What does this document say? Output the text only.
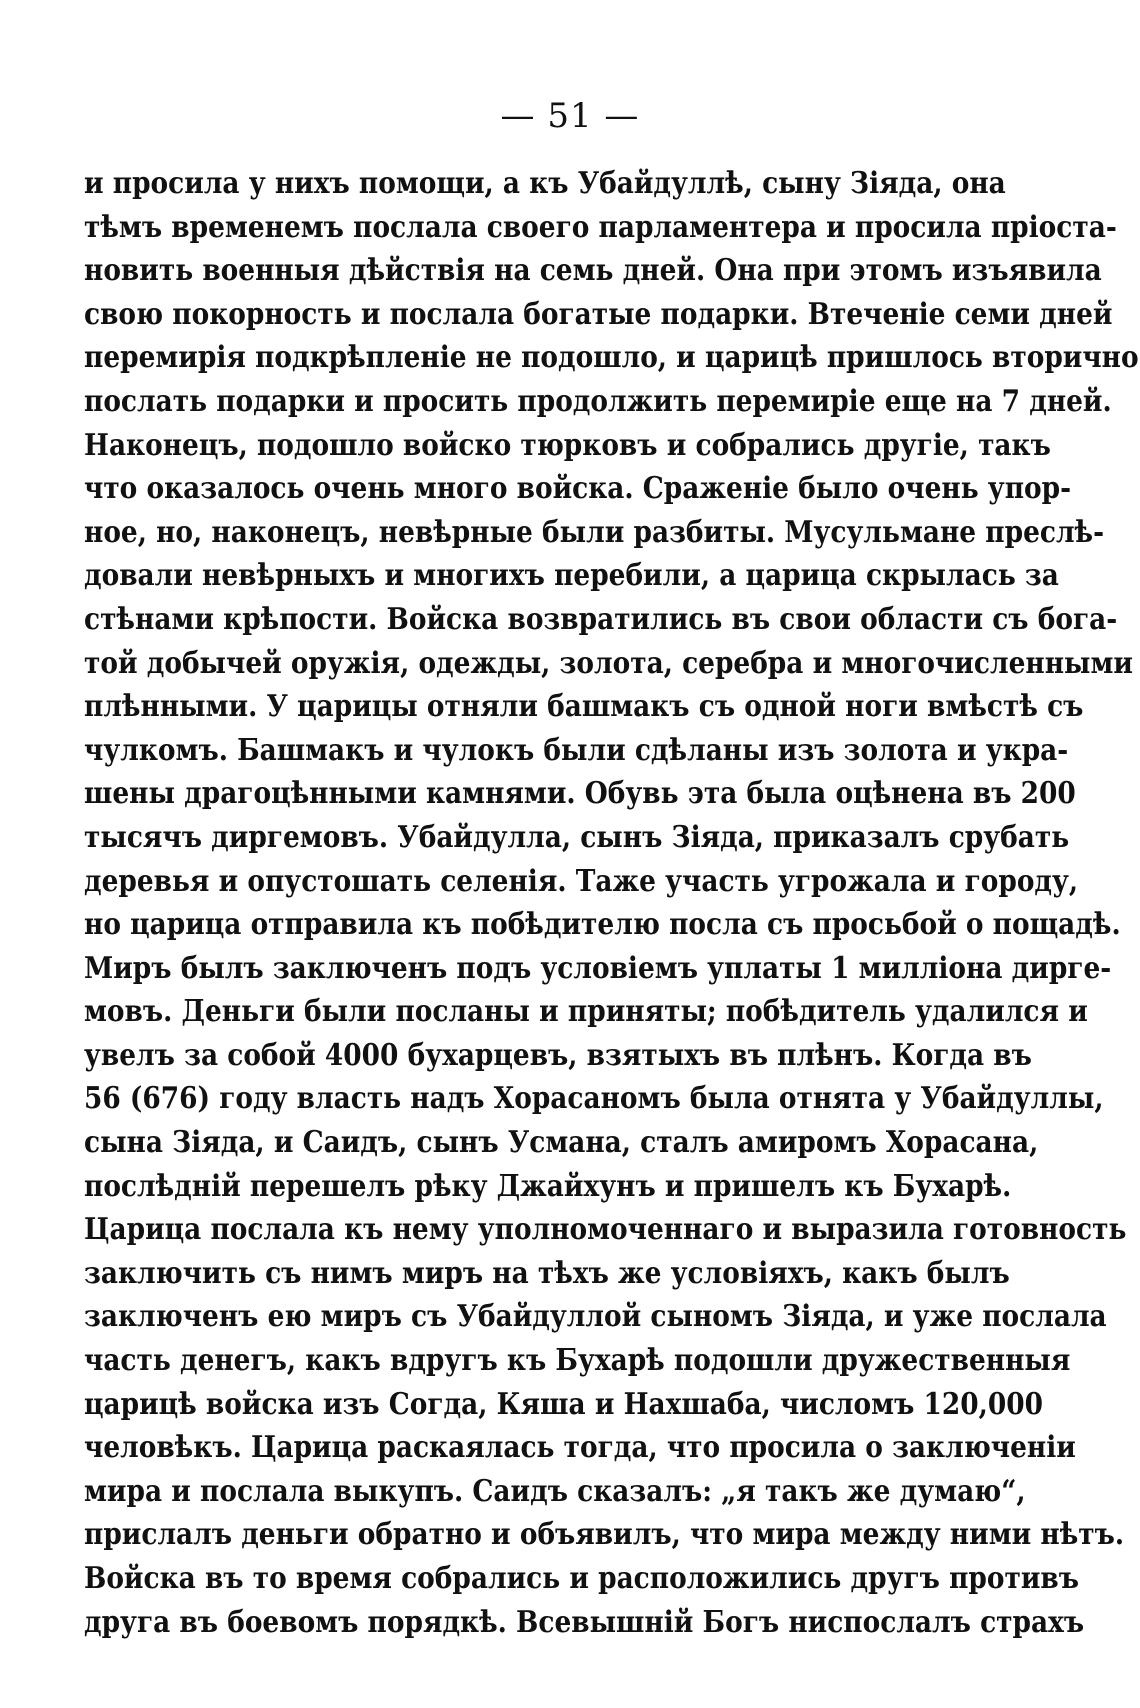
— 51 —
и просила у нихъ помощи, а къ Убайдуллѣ, сыну Зіяда, она
тѣмъ временемъ послала своего парламентера и просила пріоста-
новить военныя дѣйствія на семь дней. Она при этомъ изъявила
свою покорность и послала богатые подарки. Втеченіе семи дней
перемирія подкрѣпленіе не подошло, и царицѣ пришлось вторично
послать подарки и просить продолжить перемиріе еще на 7 дней.
Наконецъ, подошло войско тюрковъ и собрались другіе, такъ
что оказалось очень много войска. Сраженіе было очень упор-
ное, но, наконецъ, невѣрные были разбиты. Мусульмане преслѣ-
довали невѣрныхъ и многихъ перебили, а царица скрылась за
стѣнами крѣпости. Войска возвратились въ свои области съ бога-
той добычей оружія, одежды, золота, серебра и многочисленными
плѣнными. У царицы отняли башмакъ съ одной ноги вмѣстѣ съ
чулкомъ. Башмакъ и чулокъ были сдѣланы изъ золота и укра-
шены драгоцѣнными камнями. Обувь эта была оцѣнена въ 200
тысячъ диргемовъ. Убайдулла, сынъ Зіяда, приказалъ срубать
деревья и опустошать селенія. Таже участь угрожала и городу,
но царица отправила къ побѣдителю посла съ просьбой о пощадѣ.
Миръ былъ заключенъ подъ условіемъ уплаты 1 милліона дирге-
мовъ. Деньги были посланы и приняты; побѣдитель удалился и
увелъ за собой 4000 бухарцевъ, взятыхъ въ плѣнъ. Когда въ
56 (676) году власть надъ Хорасаномъ была отнята у Убайдуллы,
сына Зіяда, и Саидъ, сынъ Усмана, сталъ амиромъ Хорасана,
послѣдній перешелъ рѣку Джайхунъ и пришелъ къ Бухарѣ.
Царица послала къ нему уполномоченнаго и выразила готовность
заключить съ нимъ миръ на тѣхъ же условіяхъ, какъ былъ
заключенъ ею миръ съ Убайдуллой сыномъ Зіяда, и уже послала
часть денегъ, какъ вдругъ къ Бухарѣ подошли дружественныя
царицѣ войска изъ Согда, Кяша и Нахшаба, числомъ 120,000
человѣкъ. Царица раскаялась тогда, что просила о заключеніи
мира и послала выкупъ. Саидъ сказалъ: „я такъ же думаю“,
прислалъ деньги обратно и объявилъ, что мира между ними нѣтъ.
Войска въ то время собрались и расположились другъ противъ
друга въ боевомъ порядкѣ. Всевышній Богъ ниспослалъ страхъ
